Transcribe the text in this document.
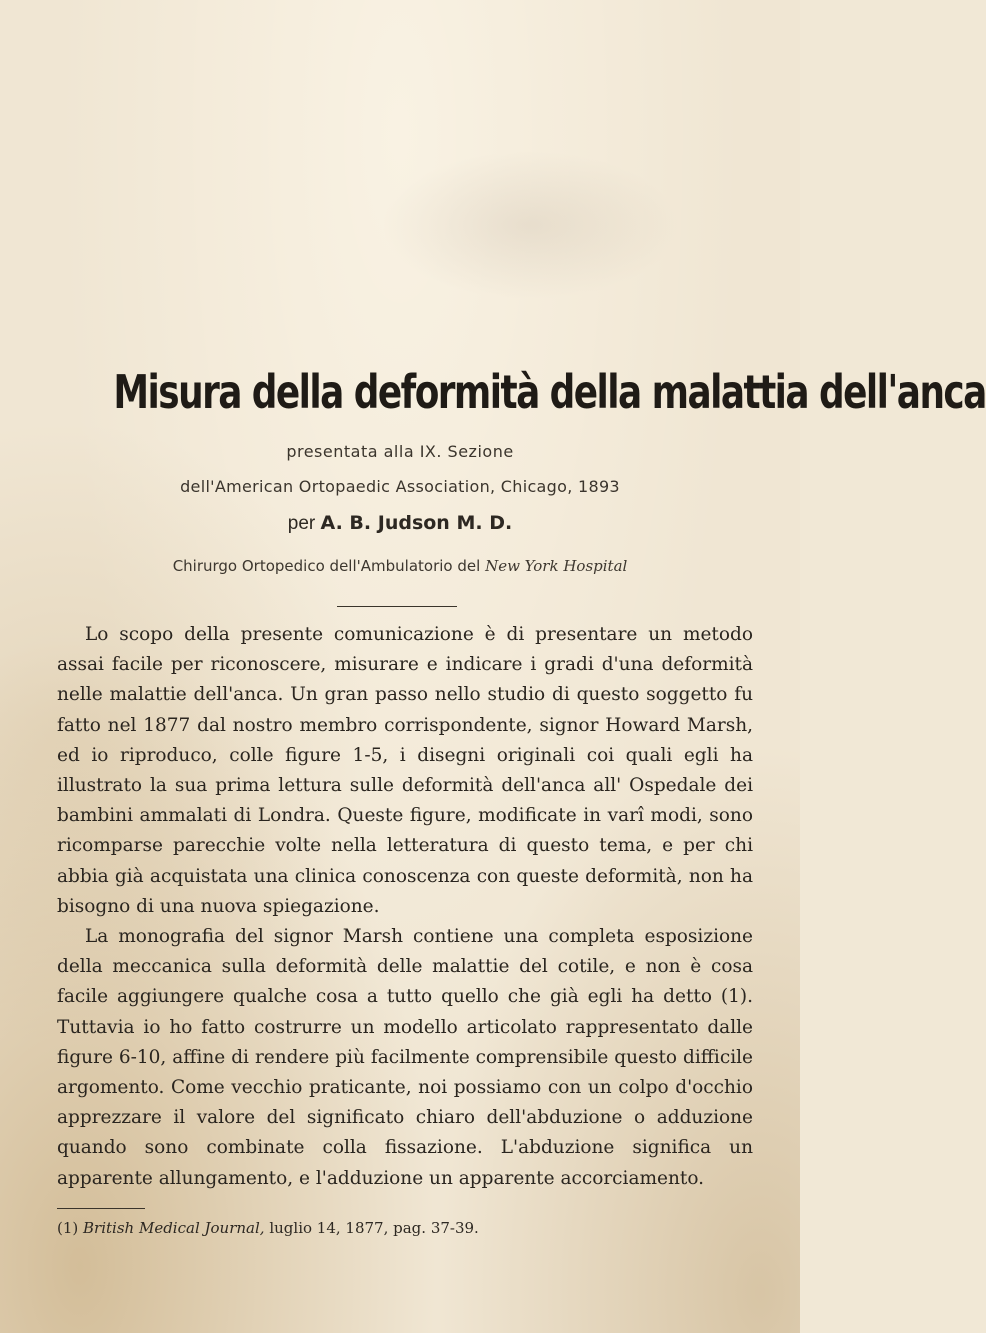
Misura della deformità della malattia dell'anca
presentata alla IX. Sezione
dell'American Ortopaedic Association, Chicago, 1893
per A. B. Judson M. D.
Chirurgo Ortopedico dell'Ambulatorio del New York Hospital

Lo scopo della presente comunicazione è di presentare un metodo assai facile per riconoscere, misurare e indicare i gradi d'una deformità nelle malattie dell'anca. Un gran passo nello studio di questo soggetto fu fatto nel 1877 dal nostro membro corrispondente, signor Howard Marsh, ed io riproduco, colle figure 1-5, i disegni originali coi quali egli ha illustrato la sua prima lettura sulle deformità dell'anca all' Ospedale dei bambini ammalati di Londra. Queste figure, modificate in varî modi, sono ricomparse parecchie volte nella letteratura di questo tema, e per chi abbia già acquistata una clinica conoscenza con queste deformità, non ha bisogno di una nuova spiegazione.

La monografia del signor Marsh contiene una completa esposizione della meccanica sulla deformità delle malattie del cotile, e non è cosa facile aggiungere qualche cosa a tutto quello che già egli ha detto (1). Tuttavia io ho fatto costrurre un modello articolato rappresentato dalle figure 6-10, affine di rendere più facilmente comprensibile questo difficile argomento. Come vecchio praticante, noi possiamo con un colpo d'occhio apprezzare il valore del significato chiaro dell'abduzione o adduzione quando sono combinate colla fissazione. L'abduzione significa un apparente allungamento, e l'adduzione un apparente accorciamento.

(1) British Medical Journal, luglio 14, 1877, pag. 37-39.
